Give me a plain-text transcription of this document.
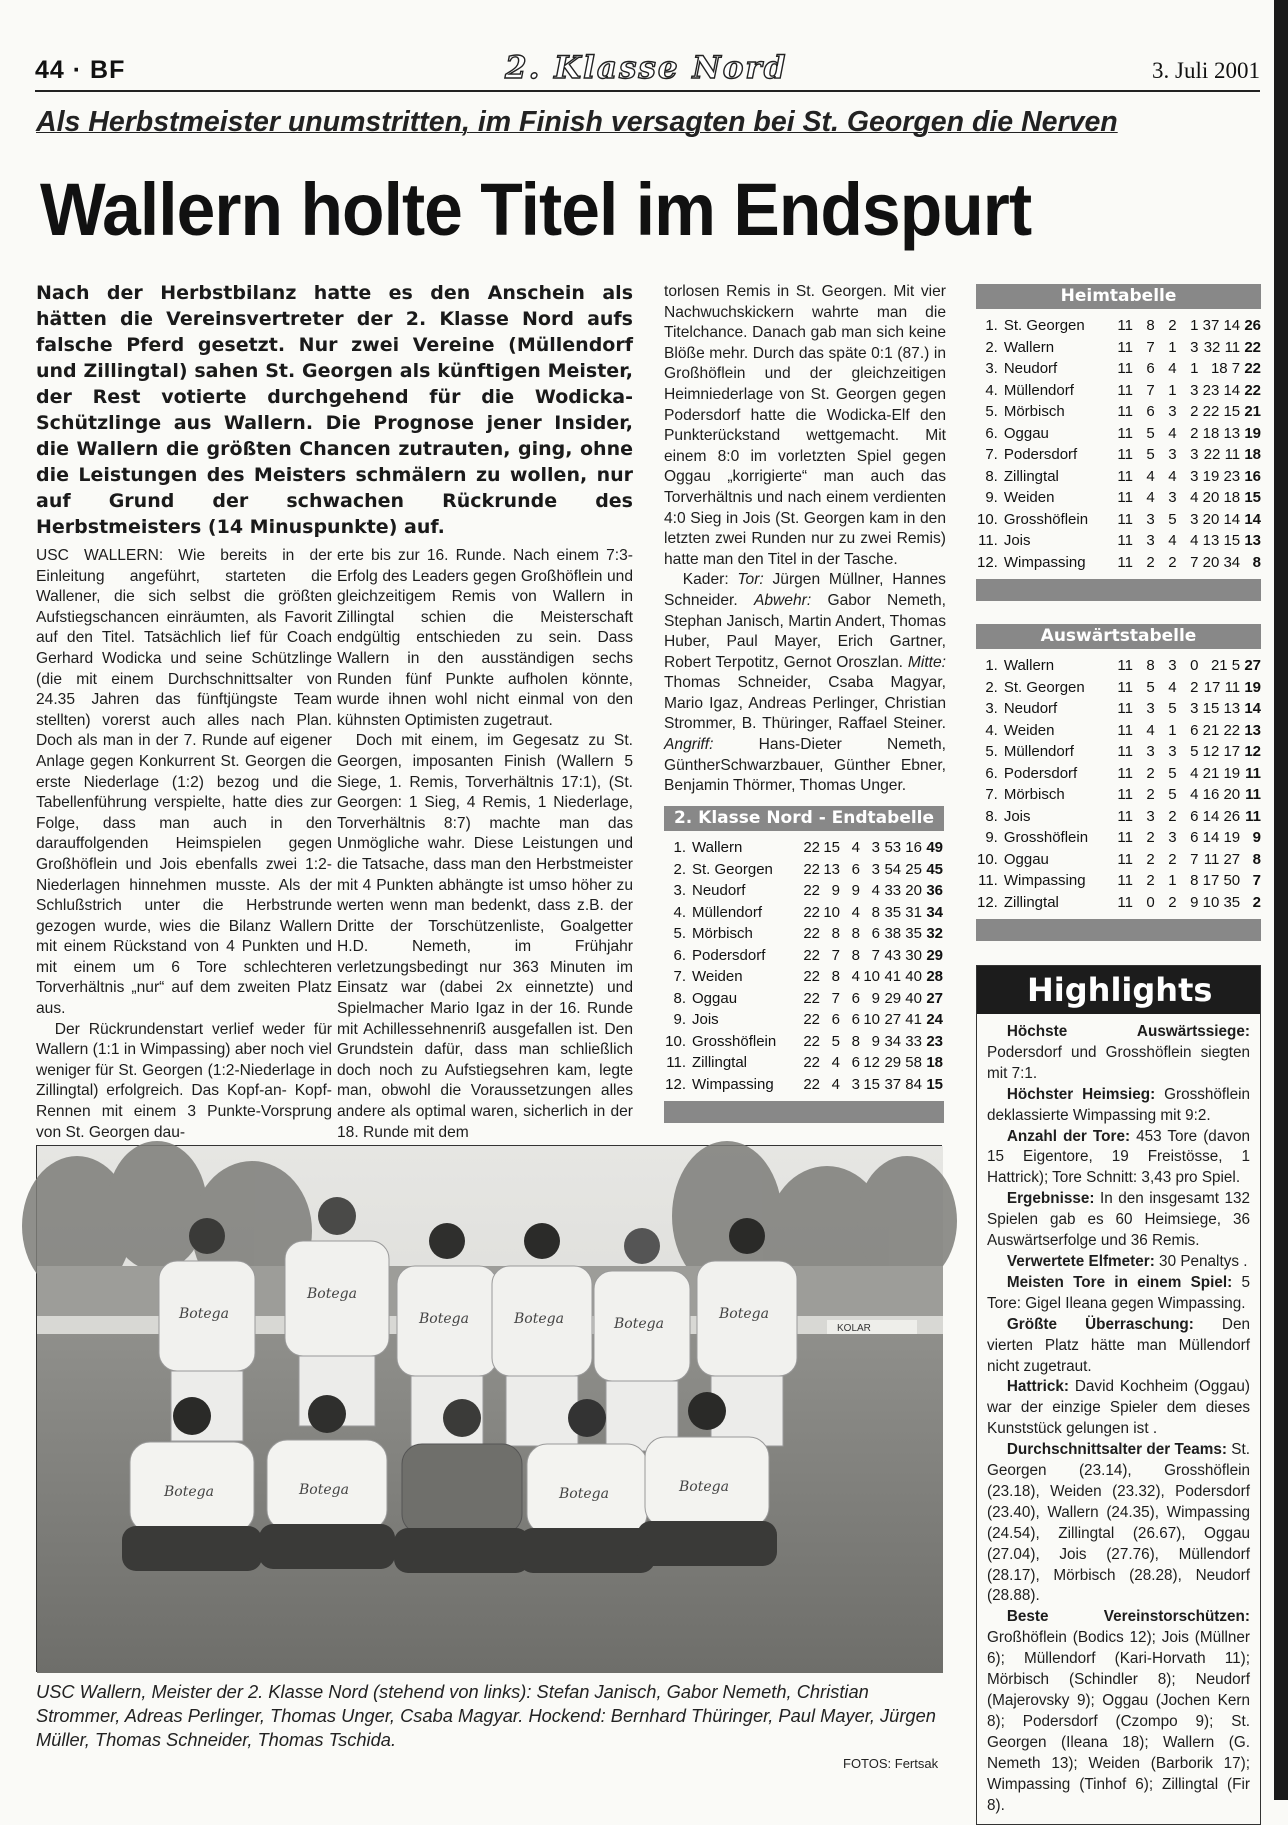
44 · BF	2. Klasse Nord	3. Juli 2001
Als Herbstmeister unumstritten, im Finish versagten bei St. Georgen die Nerven
Wallern holte Titel im Endspurt
Nach der Herbstbilanz hatte es den Anschein als hätten die Vereinsvertreter der 2. Klasse Nord aufs falsche Pferd gesetzt. Nur zwei Vereine (Müllendorf und Zillingtal) sahen St. Georgen als künftigen Meister, der Rest votierte durchgehend für die Wodicka-Schützlinge aus Wallern. Die Prognose jener Insider, die Wallern die größten Chancen zutrauten, ging, ohne die Leistungen des Meisters schmälern zu wollen, nur auf Grund der schwachen Rückrunde des Herbstmeisters (14 Minuspunkte) auf.

USC WALLERN: Wie bereits in der Einleitung angeführt, starteten die Wallener, die sich selbst die größten Aufstiegschancen einräumten, als Favorit auf den Titel. Tatsächlich lief für Coach Gerhard Wodicka und seine Schützlinge (die mit einem Durchschnittsalter von 24.35 Jahren das fünftjüngste Team stellten) vorerst auch alles nach Plan. Doch als man in der 7. Runde auf eigener Anlage gegen Konkurrent St. Georgen die erste Niederlage (1:2) bezog und die Tabellenführung verspielte, hatte dies zur Folge, dass man auch in den darauffolgenden Heimspielen gegen Großhöflein und Jois ebenfalls zwei 1:2-Niederlagen hinnehmen musste. Als der Schlußstrich unter die Herbstrunde gezogen wurde, wies die Bilanz Wallern mit einem Rückstand von 4 Punkten und mit einem um 6 Tore schlechteren Torverhältnis „nur“ auf dem zweiten Platz aus.

Der Rückrundenstart verlief weder für Wallern (1:1 in Wimpassing) aber noch viel weniger für St. Georgen (1:2-Niederlage in Zillingtal) erfolgreich. Das Kopf-an- Kopf-Rennen mit einem 3 Punkte-Vorsprung von St. Georgen dau-

erte bis zur 16. Runde. Nach einem 7:3-Erfolg des Leaders gegen Großhöflein und gleichzeitigem Remis von Wallern in Zillingtal schien die Meisterschaft endgültig entschieden zu sein. Dass Wallern in den ausständigen sechs Runden fünf Punkte aufholen könnte, wurde ihnen wohl nicht einmal von den kühnsten Optimisten zugetraut.

Doch mit einem, im Gegesatz zu St. Georgen, imposanten Finish (Wallern 5 Siege, 1. Remis, Torverhältnis 17:1), (St. Georgen: 1 Sieg, 4 Remis, 1 Niederlage, Torverhältnis 8:7) machte man das Unmögliche wahr. Diese Leistungen und die Tatsache, dass man den Herbstmeister mit 4 Punkten abhängte ist umso höher zu werten wenn man bedenkt, dass z.B. der Dritte der Torschützenliste, Goalgetter H.D. Nemeth, im Frühjahr verletzungsbedingt nur 363 Minuten im Einsatz war (dabei 2x einnetzte) und Spielmacher Mario Igaz in der 16. Runde mit Achillessehnenriß ausgefallen ist. Den Grundstein dafür, dass man schließlich doch noch zu Aufstiegsehren kam, legte man, obwohl die Voraussetzungen alles andere als optimal waren, sicherlich in der 18. Runde mit dem

torlosen Remis in St. Georgen. Mit vier Nachwuchskickern wahrte man die Titelchance. Danach gab man sich keine Blöße mehr. Durch das späte 0:1 (87.) in Großhöflein und der gleichzeitigen Heimniederlage von St. Georgen gegen Podersdorf hatte die Wodicka-Elf den Punkterückstand wettgemacht. Mit einem 8:0 im vorletzten Spiel gegen Oggau „korrigierte“ man auch das Torverhältnis und nach einem verdienten 4:0 Sieg in Jois (St. Georgen kam in den letzten zwei Runden nur zu zwei Remis) hatte man den Titel in der Tasche.

Kader: Tor: Jürgen Müllner, Hannes Schneider. Abwehr: Gabor Nemeth, Stephan Janisch, Martin Andert, Thomas Huber, Paul Mayer, Erich Gartner, Robert Terpotitz, Gernot Oroszlan. Mitte: Thomas Schneider, Csaba Magyar, Mario Igaz, Andreas Perlinger, Christian Strommer, B. Thüringer, Raffael Steiner. Angriff:	Hans-Dieter Nemeth, GüntherSchwarzbauer, Günther Ebner, Benjamin Thörmer, Thomas Unger.

Heimtabelle
1. St. Georgen	11 8 2 1 37 14 26
2. Wallern	11 7 1 3 32 11 22
3. Neudorf	11 6 4 1 18 7 22
4. Müllendorf	11 7 1 3 23 14 22
5. Mörbisch	11 6 3 2 22 15 21
6. Oggau	11 5 4 2 18 13 19
7. Podersdorf	11 5 3 3 22 11 18
8. Zillingtal	11 4 4 3 19 23 16
9. Weiden	11 4 3 4 20 18 15
10. Grosshöflein	11 3 5 3 20 14 14
11. Jois	11 3 4 4 13 15 13
12. Wimpassing	11 2 2 7 20 34 8
Auswärtstabelle
1. Wallern	11 8 3 0 21 5 27
2. St. Georgen	11 5 4 2 17 11 19
3. Neudorf	11 3 5 3 15 13 14
4. Weiden	11 4 1 6 21 22 13
5. Müllendorf	11 3 3 5 12 17 12
6. Podersdorf	11 2 5 4 21 19 11
7. Mörbisch	11 2 5 4 16 20 11
8. Jois	11 3 2 6 14 26 11
9. Grosshöflein	11 2 3 6 14 19 9
10. Oggau	11 2 2 7 11 27 8
11. Wimpassing	11 2 1 8 17 50 7
12. Zillingtal	11 0 2 9 10 35 2
2. Klasse Nord - Endtabelle
1. Wallern	22 15 4 3 53 16 49
2. St. Georgen	22 13 6 3 54 25 45
3. Neudorf	22 9 9 4 33 20 36
4. Müllendorf	22 10 4 8 35 31 34
5. Mörbisch	22 8 8 6 38 35 32
6. Podersdorf	22 7 8 7 43 30 29
7. Weiden	22 8 4 10 41 40 28
8. Oggau	22 7 6 9 29 40 27
9. Jois	22 6 6 10 27 41 24
10. Grosshöflein	22 5 8 9 34 33 23
11. Zillingtal	22 4 6 12 29 58 18
12. Wimpassing	22 4 3 15 37 84 15
Highlights

Höchste Auswärtssiege: Podersdorf und Grosshöflein siegten mit 7:1.

Höchster Heimsieg: Grosshöflein deklassierte Wimpassing mit 9:2.

Anzahl der Tore: 453 Tore (davon 15 Eigentore, 19 Freistösse, 1 Hattrick); Tore Schnitt: 3,43 pro Spiel.

Ergebnisse: In den insgesamt 132 Spielen gab es 60 Heimsiege, 36 Auswärtserfolge und 36 Remis.

Verwertete Elfmeter: 30 Penaltys .

Meisten Tore in einem Spiel: 5 Tore: Gigel Ileana gegen Wimpassing.

Größte Überraschung: Den vierten Platz hätte man Müllendorf nicht zugetraut.

Hattrick: David Kochheim (Oggau) war der einzige Spieler dem dieses Kunststück gelungen ist .

Durchschnittsalter der Teams: St. Georgen (23.14), Grosshöflein (23.18), Weiden (23.32), Podersdorf (23.40), Wallern (24.35), Wimpassing (24.54), Zillingtal (26.67), Oggau (27.04), Jois (27.76), Müllendorf (28.17), Mörbisch (28.28), Neudorf (28.88).

Beste Vereinstorschützen: Großhöflein (Bodics 12); Jois (Müllner 6); Müllendorf (Kari-Horvath 11); Mörbisch (Schindler 8); Neudorf (Majerovsky 9); Oggau (Jochen Kern 8); Podersdorf (Czompo 9); St. Georgen (Ileana 18); Wallern (G. Nemeth 13); Weiden (Barborik 17); Wimpassing (Tinhof 6); Zillingtal (Fir 8).

KOLAR
Botega
Botega
Botega	Botega	Botega
Botega
Botega	Botega	Botega	Botega
USC Wallern, Meister der 2. Klasse Nord (stehend von links): Stefan Janisch, Gabor Nemeth, Christian Strommer, Adreas Perlinger, Thomas Unger, Csaba Magyar. Hockend: Bernhard Thüringer, Paul Mayer, Jürgen Müller, Thomas Schneider, Thomas Tschida.
FOTOS: Fertsak
